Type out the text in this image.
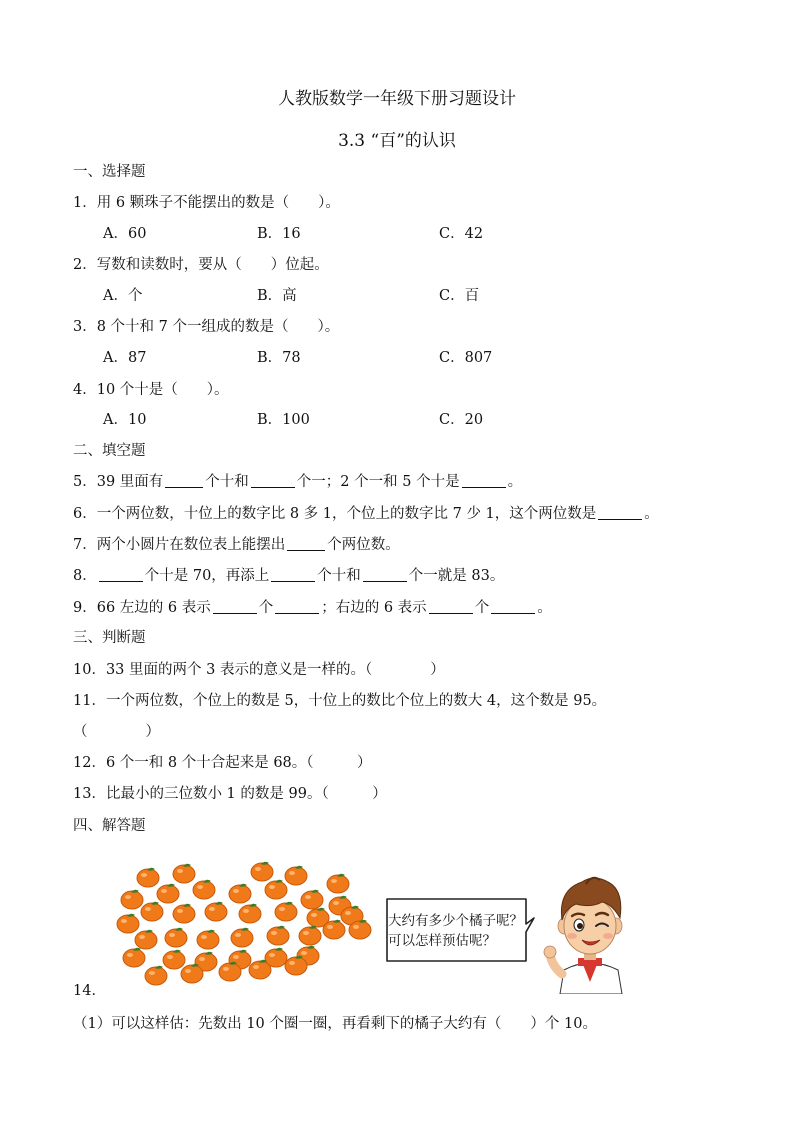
人教版数学一年级下册习题设计
3.3 “百”的认识
一、选择题
1．用 6 颗珠子不能摆出的数是（　　）。
A．60	B．16	C．42
2．写数和读数时，要从（　　）位起。
A．个	B．高	C．百
3．8 个十和 7 个一组成的数是（　　）。
A．87	B．78	C．807
4．10 个十是（　　）。
A．10	B．100	C．20
二、填空题
5．39 里面有	个十和	个一；2 个一和 5 个十是	。
6．一个两位数，十位上的数字比 8 多 1，个位上的数字比 7 少 1，这个两位数是	。
7．两个小圆片在数位表上能摆出	个两位数。
8．	个十是 70，再添上	个十和	个一就是 83。
9．66 左边的 6 表示	个	；右边的 6 表示	个	。
三、判断题
10．33 里面的两个 3 表示的意义是一样的。（　　　　）
11．一个两位数，个位上的数是 5，十位上的数比个位上的数大 4，这个数是 95。
（　　　　）
12．6 个一和 8 个十合起来是 68。（　　　）
13．比最小的三位数小 1 的数是 99。（　　　）
四、解答题
大约有多少个橘子呢？
可以怎样预估呢？
14．
（1）可以这样估：先数出 10 个圈一圈，再看剩下的橘子大约有（　　）个 10。
